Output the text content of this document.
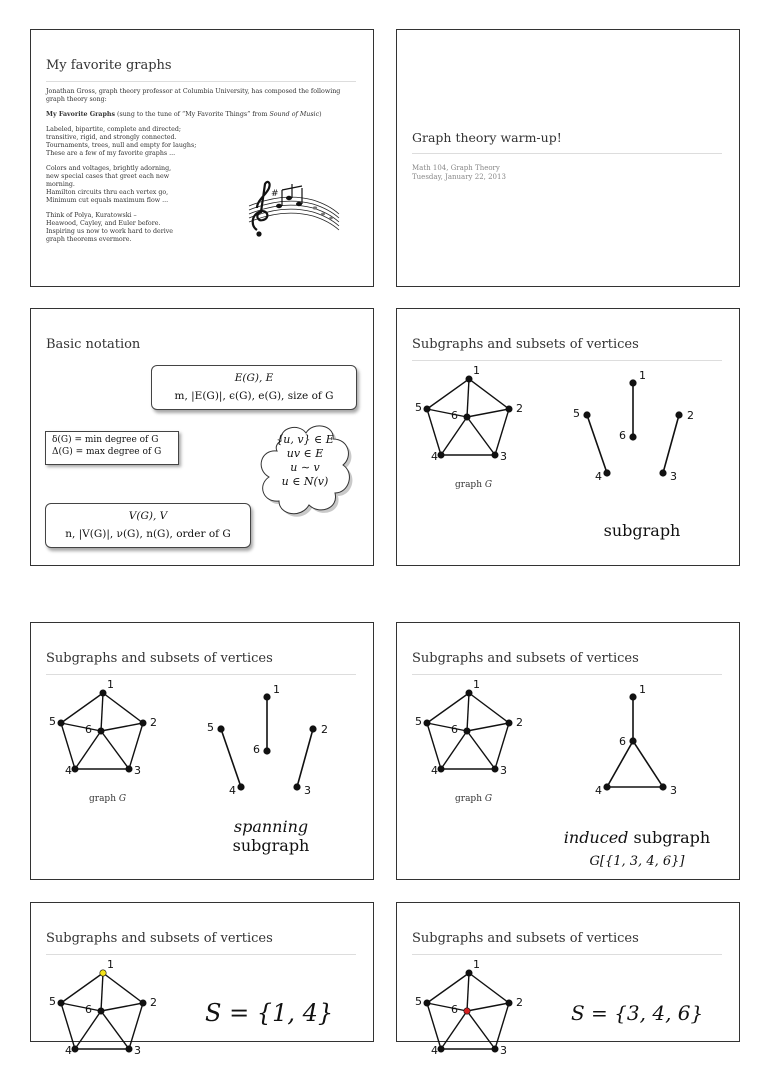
My favorite graphs

Jonathan Gross, graph theory professor at Columbia University, has composed the following graph theory song:

My Favorite Graphs (sung to the tune of “My Favorite Things” from Sound of Music)

Labeled, bipartite, complete and directed;
transitive, rigid, and strongly connected.
Tournaments, trees, null and empty for laughs;
These are a few of my favorite graphs ...

Colors and voltages, brightly adorning,
new special cases that greet each new morning.
Hamilton circuits thru each vertex go,
Minimum cut equals maximum flow ...

Think of Polya, Kuratowski –
Heawood, Cayley, and Euler before.
Inspiring us now to work hard to derive
graph theorems evermore.

#
Graph theory warm-up!
Math 104, Graph Theory
Tuesday, January 22, 2013
Basic notation
E(G), E
m, |E(G)|, ϵ(G), e(G), size of G
δ(G) = min degree of G
Δ(G) = max degree of G
{u, v} ∈ E
uv ∈ E
u ∼ v
u ∈ N(v)
V(G), V
n, |V(G)|, ν(G), n(G), order of G
Subgraphs and subsets of vertices
1
2
3
4
5
6
graph G
1
2
3
4
5
6
subgraph
Subgraphs and subsets of vertices
1
2
3
4
5
6
graph G
1
2
3
4
5
6
spanning
subgraph
Subgraphs and subsets of vertices
1
2
3
4
5
6
graph G
1
3
4
6
induced subgraph
G[{1, 3, 4, 6}]
Subgraphs and subsets of vertices
1
2
3
4
5
6	S = {1, 4}
Subgraphs and subsets of vertices
1
2
3
4
5
6	S = {3, 4, 6}
